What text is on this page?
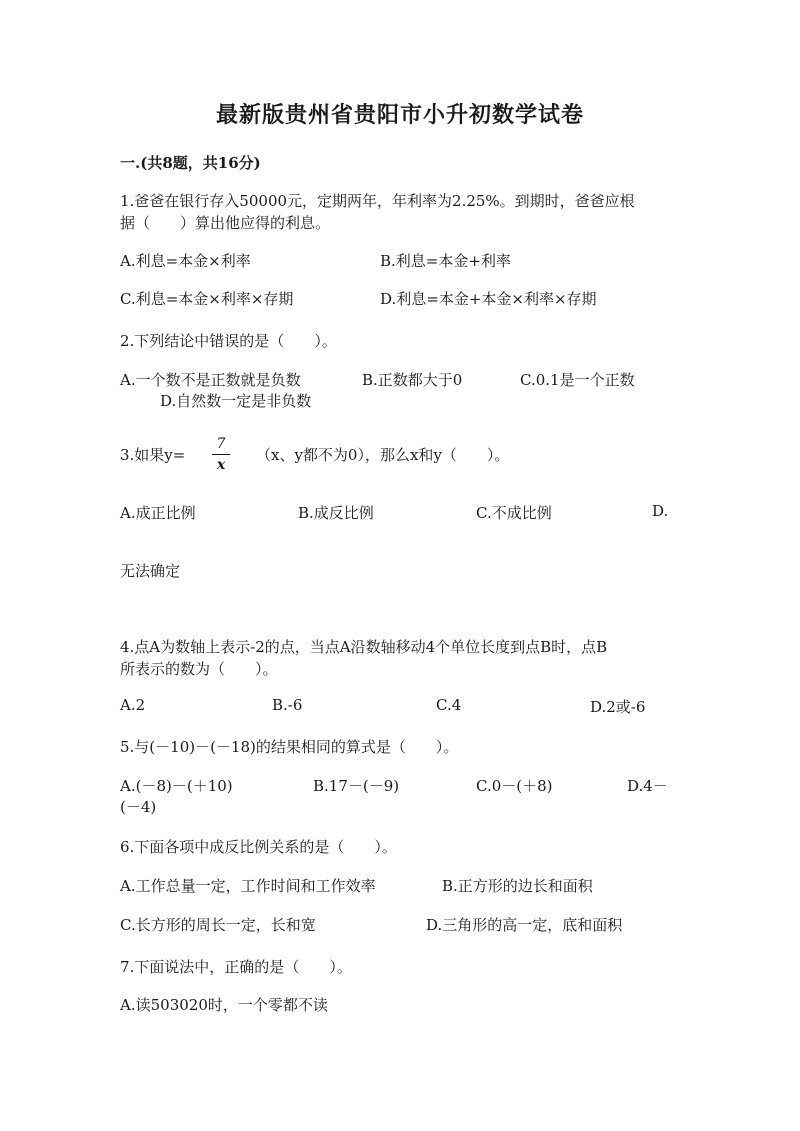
最新版贵州省贵阳市小升初数学试卷
一.(共8题，共16分)
1.爸爸在银行存入50000元，定期两年，年利率为2.25%。到期时，爸爸应根
据（　　）算出他应得的利息。
A.利息=本金×利率	B.利息=本金+利率
C.利息=本金×利率×存期	D.利息=本金+本金×利率×存期
2.下列结论中错误的是（　　）。
A.一个数不是正数就是负数	B.正数都大于0	C.0.1是一个正数
D.自然数一定是非负数
3.如果y=
7
x
（x、y都不为0），那么x和y（　　）。
A.成正比例	B.成反比例	C.不成比例	D.
无法确定
4.点A为数轴上表示-2的点，当点A沿数轴移动4个单位长度到点B时，点B
所表示的数为（　　）。
A.2	B.-6	C.4	D.2或-6
5.与(－10)－(－18)的结果相同的算式是（　　）。
A.(－8)－(＋10)	B.17－(－9)	C.0－(＋8)	D.4－
(－4)
6.下面各项中成反比例关系的是（　　）。
A.工作总量一定，工作时间和工作效率	B.正方形的边长和面积
C.长方形的周长一定，长和宽	D.三角形的高一定，底和面积
7.下面说法中，正确的是（　　）。
A.读503020时，一个零都不读
